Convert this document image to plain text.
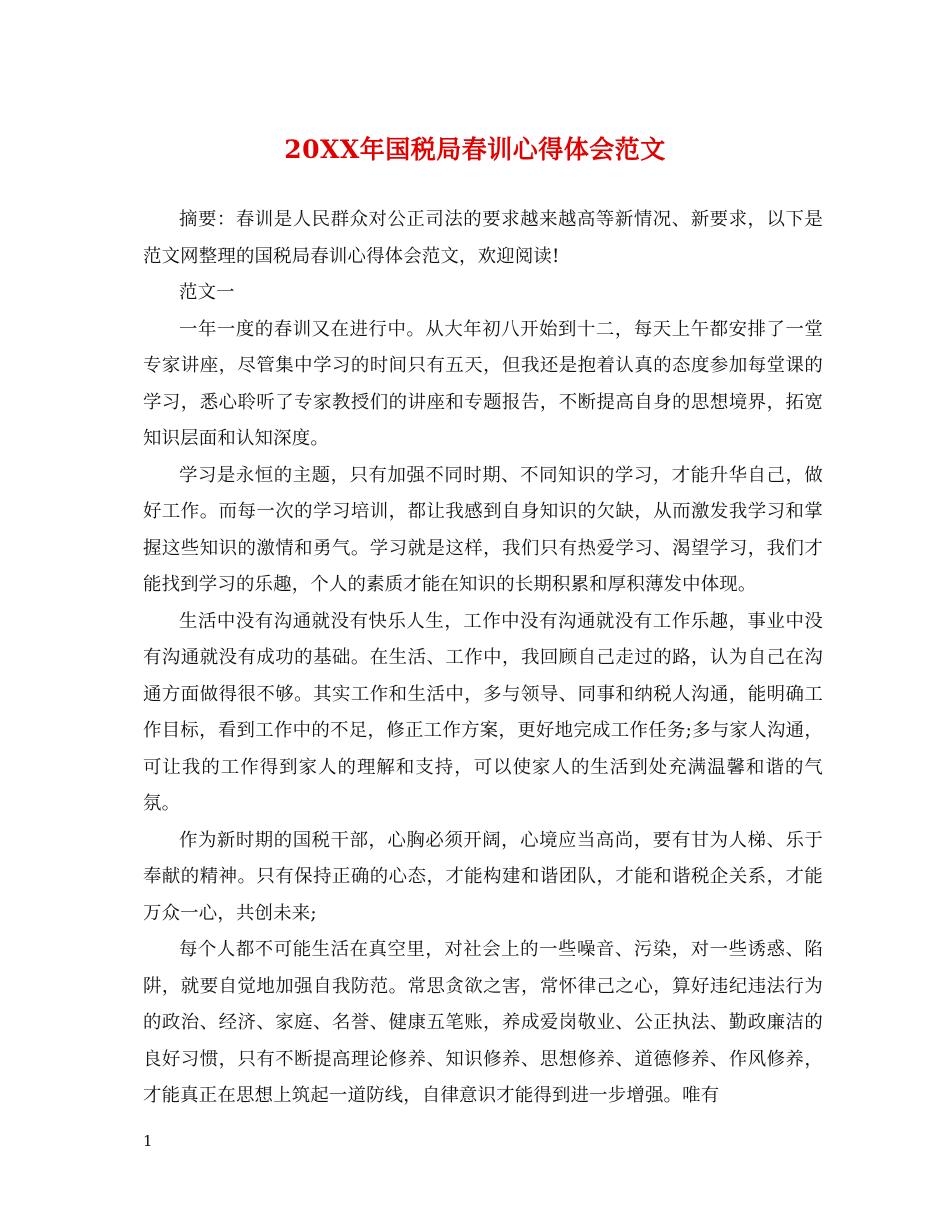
20XX年国税局春训心得体会范文

摘要：春训是人民群众对公正司法的要求越来越高等新情况、新要求，以下是范文网整理的国税局春训心得体会范文，欢迎阅读!

范文一

一年一度的春训又在进行中。从大年初八开始到十二，每天上午都安排了一堂专家讲座，尽管集中学习的时间只有五天，但我还是抱着认真的态度参加每堂课的学习，悉心聆听了专家教授们的讲座和专题报告，不断提高自身的思想境界，拓宽知识层面和认知深度。

学习是永恒的主题，只有加强不同时期、不同知识的学习，才能升华自己，做好工作。而每一次的学习培训，都让我感到自身知识的欠缺，从而激发我学习和掌握这些知识的激情和勇气。学习就是这样，我们只有热爱学习、渴望学习，我们才能找到学习的乐趣，个人的素质才能在知识的长期积累和厚积薄发中体现。

生活中没有沟通就没有快乐人生，工作中没有沟通就没有工作乐趣，事业中没有沟通就没有成功的基础。在生活、工作中，我回顾自己走过的路，认为自己在沟通方面做得很不够。其实工作和生活中，多与领导、同事和纳税人沟通，能明确工作目标，看到工作中的不足，修正工作方案，更好地完成工作任务;多与家人沟通，可让我的工作得到家人的理解和支持，可以使家人的生活到处充满温馨和谐的气氛。

作为新时期的国税干部，心胸必须开阔，心境应当高尚，要有甘为人梯、乐于奉献的精神。只有保持正确的心态，才能构建和谐团队，才能和谐税企关系，才能万众一心，共创未来;

每个人都不可能生活在真空里，对社会上的一些噪音、污染，对一些诱惑、陷阱，就要自觉地加强自我防范。常思贪欲之害，常怀律己之心，算好违纪违法行为的政治、经济、家庭、名誉、健康五笔账，养成爱岗敬业、公正执法、勤政廉洁的良好习惯，只有不断提高理论修养、知识修养、思想修养、道德修养、作风修养，才能真正在思想上筑起一道防线，自律意识才能得到进一步增强。唯有

1
